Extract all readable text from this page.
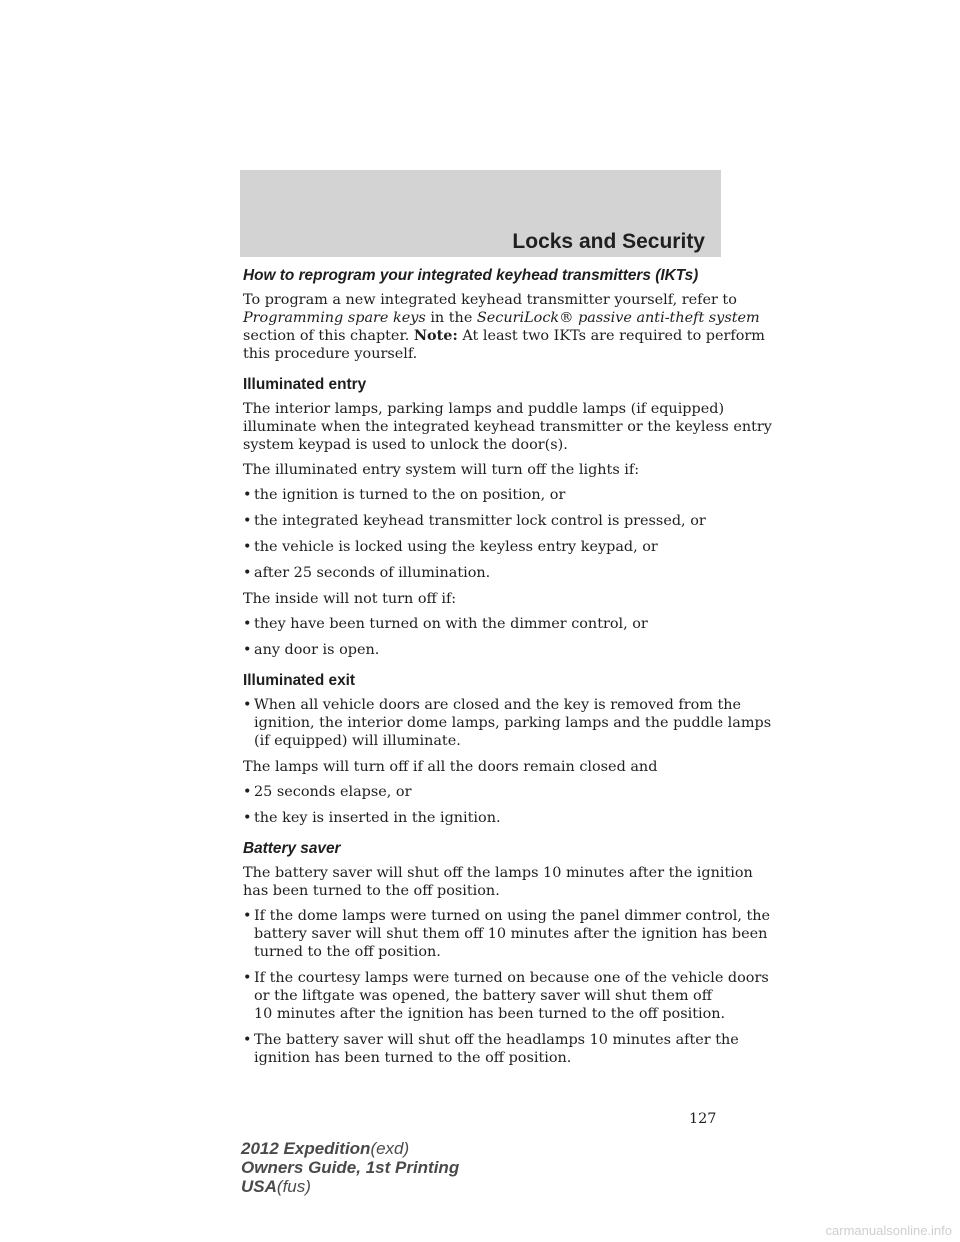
Locks and Security
How to reprogram your integrated keyhead transmitters (IKTs)
To program a new integrated keyhead transmitter yourself, refer to
Programming spare keys in the SecuriLock® passive anti-theft system
section of this chapter. Note: At least two IKTs are required to perform
this procedure yourself.
Illuminated entry
The interior lamps, parking lamps and puddle lamps (if equipped)
illuminate when the integrated keyhead transmitter or the keyless entry
system keypad is used to unlock the door(s).
The illuminated entry system will turn off the lights if:
• the ignition is turned to the on position, or
• the integrated keyhead transmitter lock control is pressed, or
• the vehicle is locked using the keyless entry keypad, or
• after 25 seconds of illumination.
The inside will not turn off if:
• they have been turned on with the dimmer control, or
• any door is open.
Illuminated exit
• When all vehicle doors are closed and the key is removed from the
ignition, the interior dome lamps, parking lamps and the puddle lamps
(if equipped) will illuminate.
The lamps will turn off if all the doors remain closed and
• 25 seconds elapse, or
• the key is inserted in the ignition.
Battery saver
The battery saver will shut off the lamps 10 minutes after the ignition
has been turned to the off position.
• If the dome lamps were turned on using the panel dimmer control, the
battery saver will shut them off 10 minutes after the ignition has been
turned to the off position.
• If the courtesy lamps were turned on because one of the vehicle doors
or the liftgate was opened, the battery saver will shut them off
10 minutes after the ignition has been turned to the off position.
• The battery saver will shut off the headlamps 10 minutes after the
ignition has been turned to the off position.
127
2012 Expedition(exd)
Owners Guide, 1st Printing
USA(fus)
carmanualsonline.info
